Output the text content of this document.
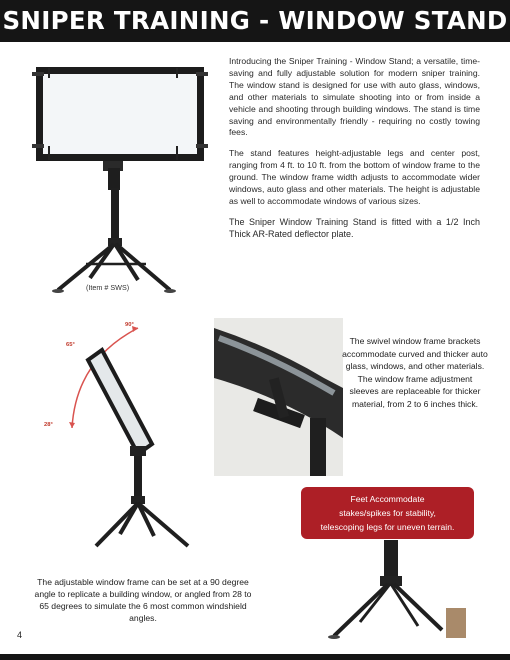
SNIPER TRAINING - WINDOW STAND
(Item # SWS)

Introducing the Sniper Training - Window Stand; a versatile, time-saving and fully adjustable solution for modern sniper training. The window stand is designed for use with auto glass, windows, and other materials to simulate shooting into or from inside a vehicle and shooting through building windows. The stand is time saving and environmentally friendly - requiring no costly towing fees.

The stand features height-adjustable legs and center post, ranging from 4 ft. to 10 ft. from the bottom of window frame to the ground. The window frame width adjusts to accommodate wider windows, auto glass and other materials. The height is adjustable as well to accommodate windows of various sizes.

The Sniper Window Training Stand is fitted with a 1/2 Inch Thick AR-Rated deflector plate.

90°
65°
28°
The swivel window frame brackets accommodate curved and thicker auto glass, windows, and other materials. The window frame adjustment sleeves are replaceable for thicker material, from 2 to 6 inches thick.
Feet Accommodate
stakes/spikes for stability,
telescoping legs for uneven terrain.
The adjustable window frame can be set at a 90 degree angle to replicate a building window, or angled from 28 to 65 degrees to simulate the 6 most common windshield angles.
4
